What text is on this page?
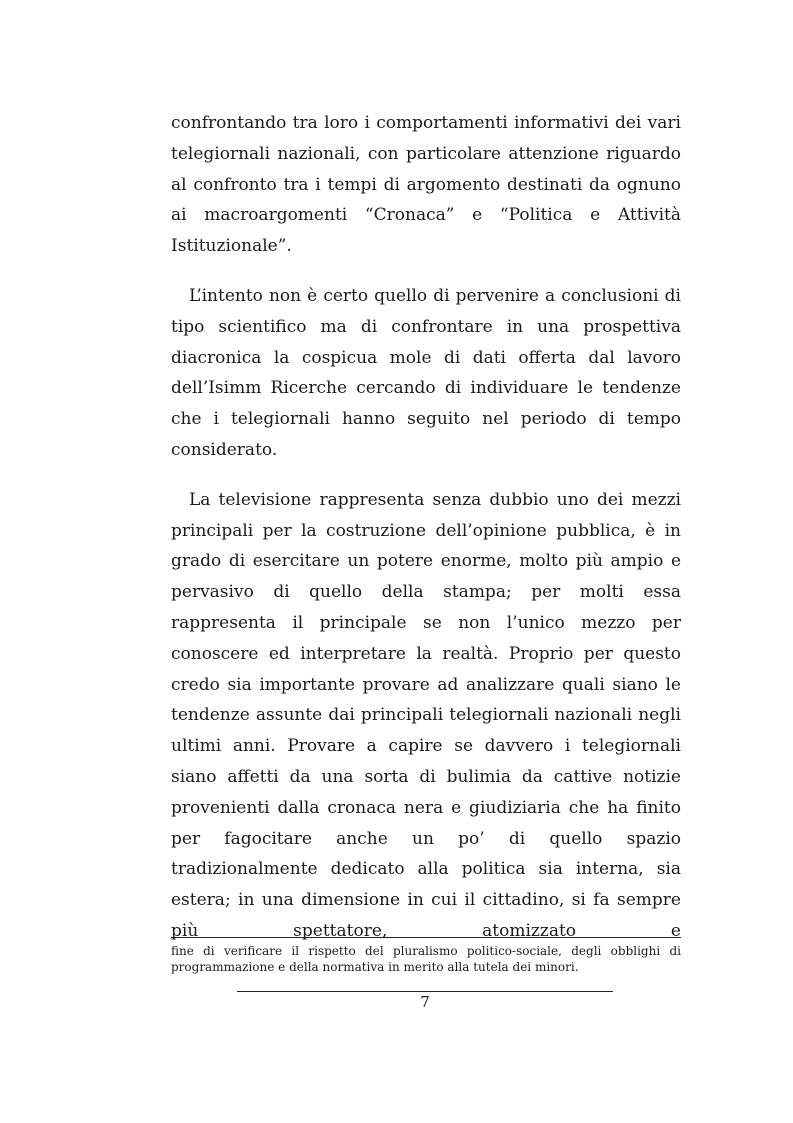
confrontando tra loro i comportamenti informativi dei vari telegiornali nazionali, con particolare attenzione riguardo al confronto tra i tempi di argomento destinati da ognuno ai macroargomenti “Cronaca” e “Politica e Attività Istituzionale”.

L’intento non è certo quello di pervenire a conclusioni di tipo scientifico ma di confrontare in una prospettiva diacronica la cospicua mole di dati offerta dal lavoro dell’Isimm Ricerche cercando di individuare le tendenze che i telegiornali hanno seguito nel periodo di tempo considerato.

La televisione rappresenta senza dubbio uno dei mezzi principali per la costruzione dell’opinione pubblica, è in grado di esercitare un potere enorme, molto più ampio e pervasivo di quello della stampa; per molti essa rappresenta il principale se non l’unico mezzo per conoscere ed interpretare la realtà. Proprio per questo credo sia importante provare ad analizzare quali siano le tendenze assunte dai principali telegiornali nazionali negli ultimi anni. Provare a capire se davvero i telegiornali siano affetti da una sorta di bulimia da cattive notizie provenienti dalla cronaca nera e giudiziaria che ha finito per fagocitare anche un po’ di quello spazio tradizionalmente dedicato alla politica sia interna, sia estera; in una dimensione in cui il cittadino, si fa sempre più spettatore, atomizzato e

fine di verificare il rispetto del pluralismo politico-sociale, degli obblighi di programmazione e della normativa in merito alla tutela dei minori.

7
